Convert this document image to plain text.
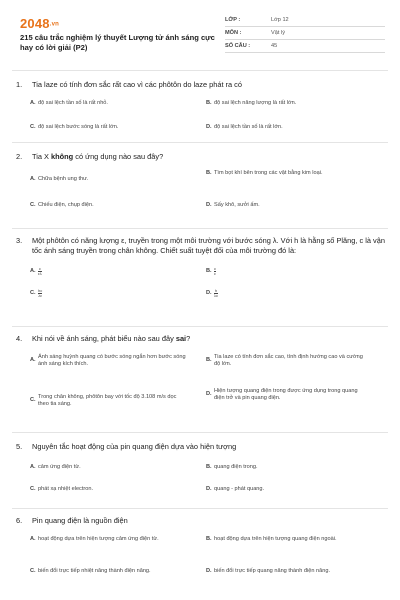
2048.vn
215 câu trắc nghiệm lý thuyết Lượng tử ánh sáng cực hay có lời giải (P2)
LỚP :	Lớp 12
MÔN :	Vật lý
SỐ CÂU :	45
1.	Tia laze có tính đơn sắc rất cao vì các phôtôn do laze phát ra có
A. độ sai lệch tần số là rất nhỏ.	B. độ sai lệch năng lượng là rất lớn.
C. độ sai lệch bước sóng là rất lớn.	D. độ sai lệch tần số là rất lớn.
2.	Tia X không có ứng dụng nào sau đây?
A. Chữa bệnh ung thư.
B. Tìm bọt khí bên trong các vật bằng kim loại.
C. Chiếu điện, chụp điện.	D. Sấy khô, sưởi ấm.
3.	Một phôtôn có năng lượng ε, truyền trong một môi trường với bước sóng λ. Với h là hằng số Plăng, c là vận tốc ánh sáng truyền trong chân không. Chiết suất tuyệt đối của môi trường đó là:
A. $\frac{c}{\varepsilon\lambda}$	B. $\frac{c}{\varepsilon}$
C. $\frac{hc}{\lambda\varepsilon}$	D. $\frac{h}{\lambda c}$
4.	Khi nói về ánh sáng, phát biểu nào sau đây sai?
A.
Ánh sáng huỳnh quang có bước sóng ngắn hơn bước sóng ánh sáng kích thích.
B.
Tia laze có tính đơn sắc cao, tính định hướng cao và cường độ lớn.
C.
Trong chân không, phôtôn bay với tốc độ 3.108 m/s dọc theo tia sáng.
D.
Hiện tượng quang điện trong được ứng dụng trong quang điện trở và pin quang điện.
5.	Nguyên tắc hoạt động của pin quang điện dựa vào hiện tượng
A. cảm ứng điện từ.	B. quang điện trong.
C. phát xạ nhiệt electron.	D. quang - phát quang.
6.	Pin quang điện là nguồn điện
A. hoạt động dựa trên hiện tượng cảm ứng điện từ.	B. hoạt động dựa trên hiện tượng quang điện ngoài.
C. biến đổi trực tiếp nhiệt năng thành điện năng.	D. biến đổi trực tiếp quang năng thành điện năng.
